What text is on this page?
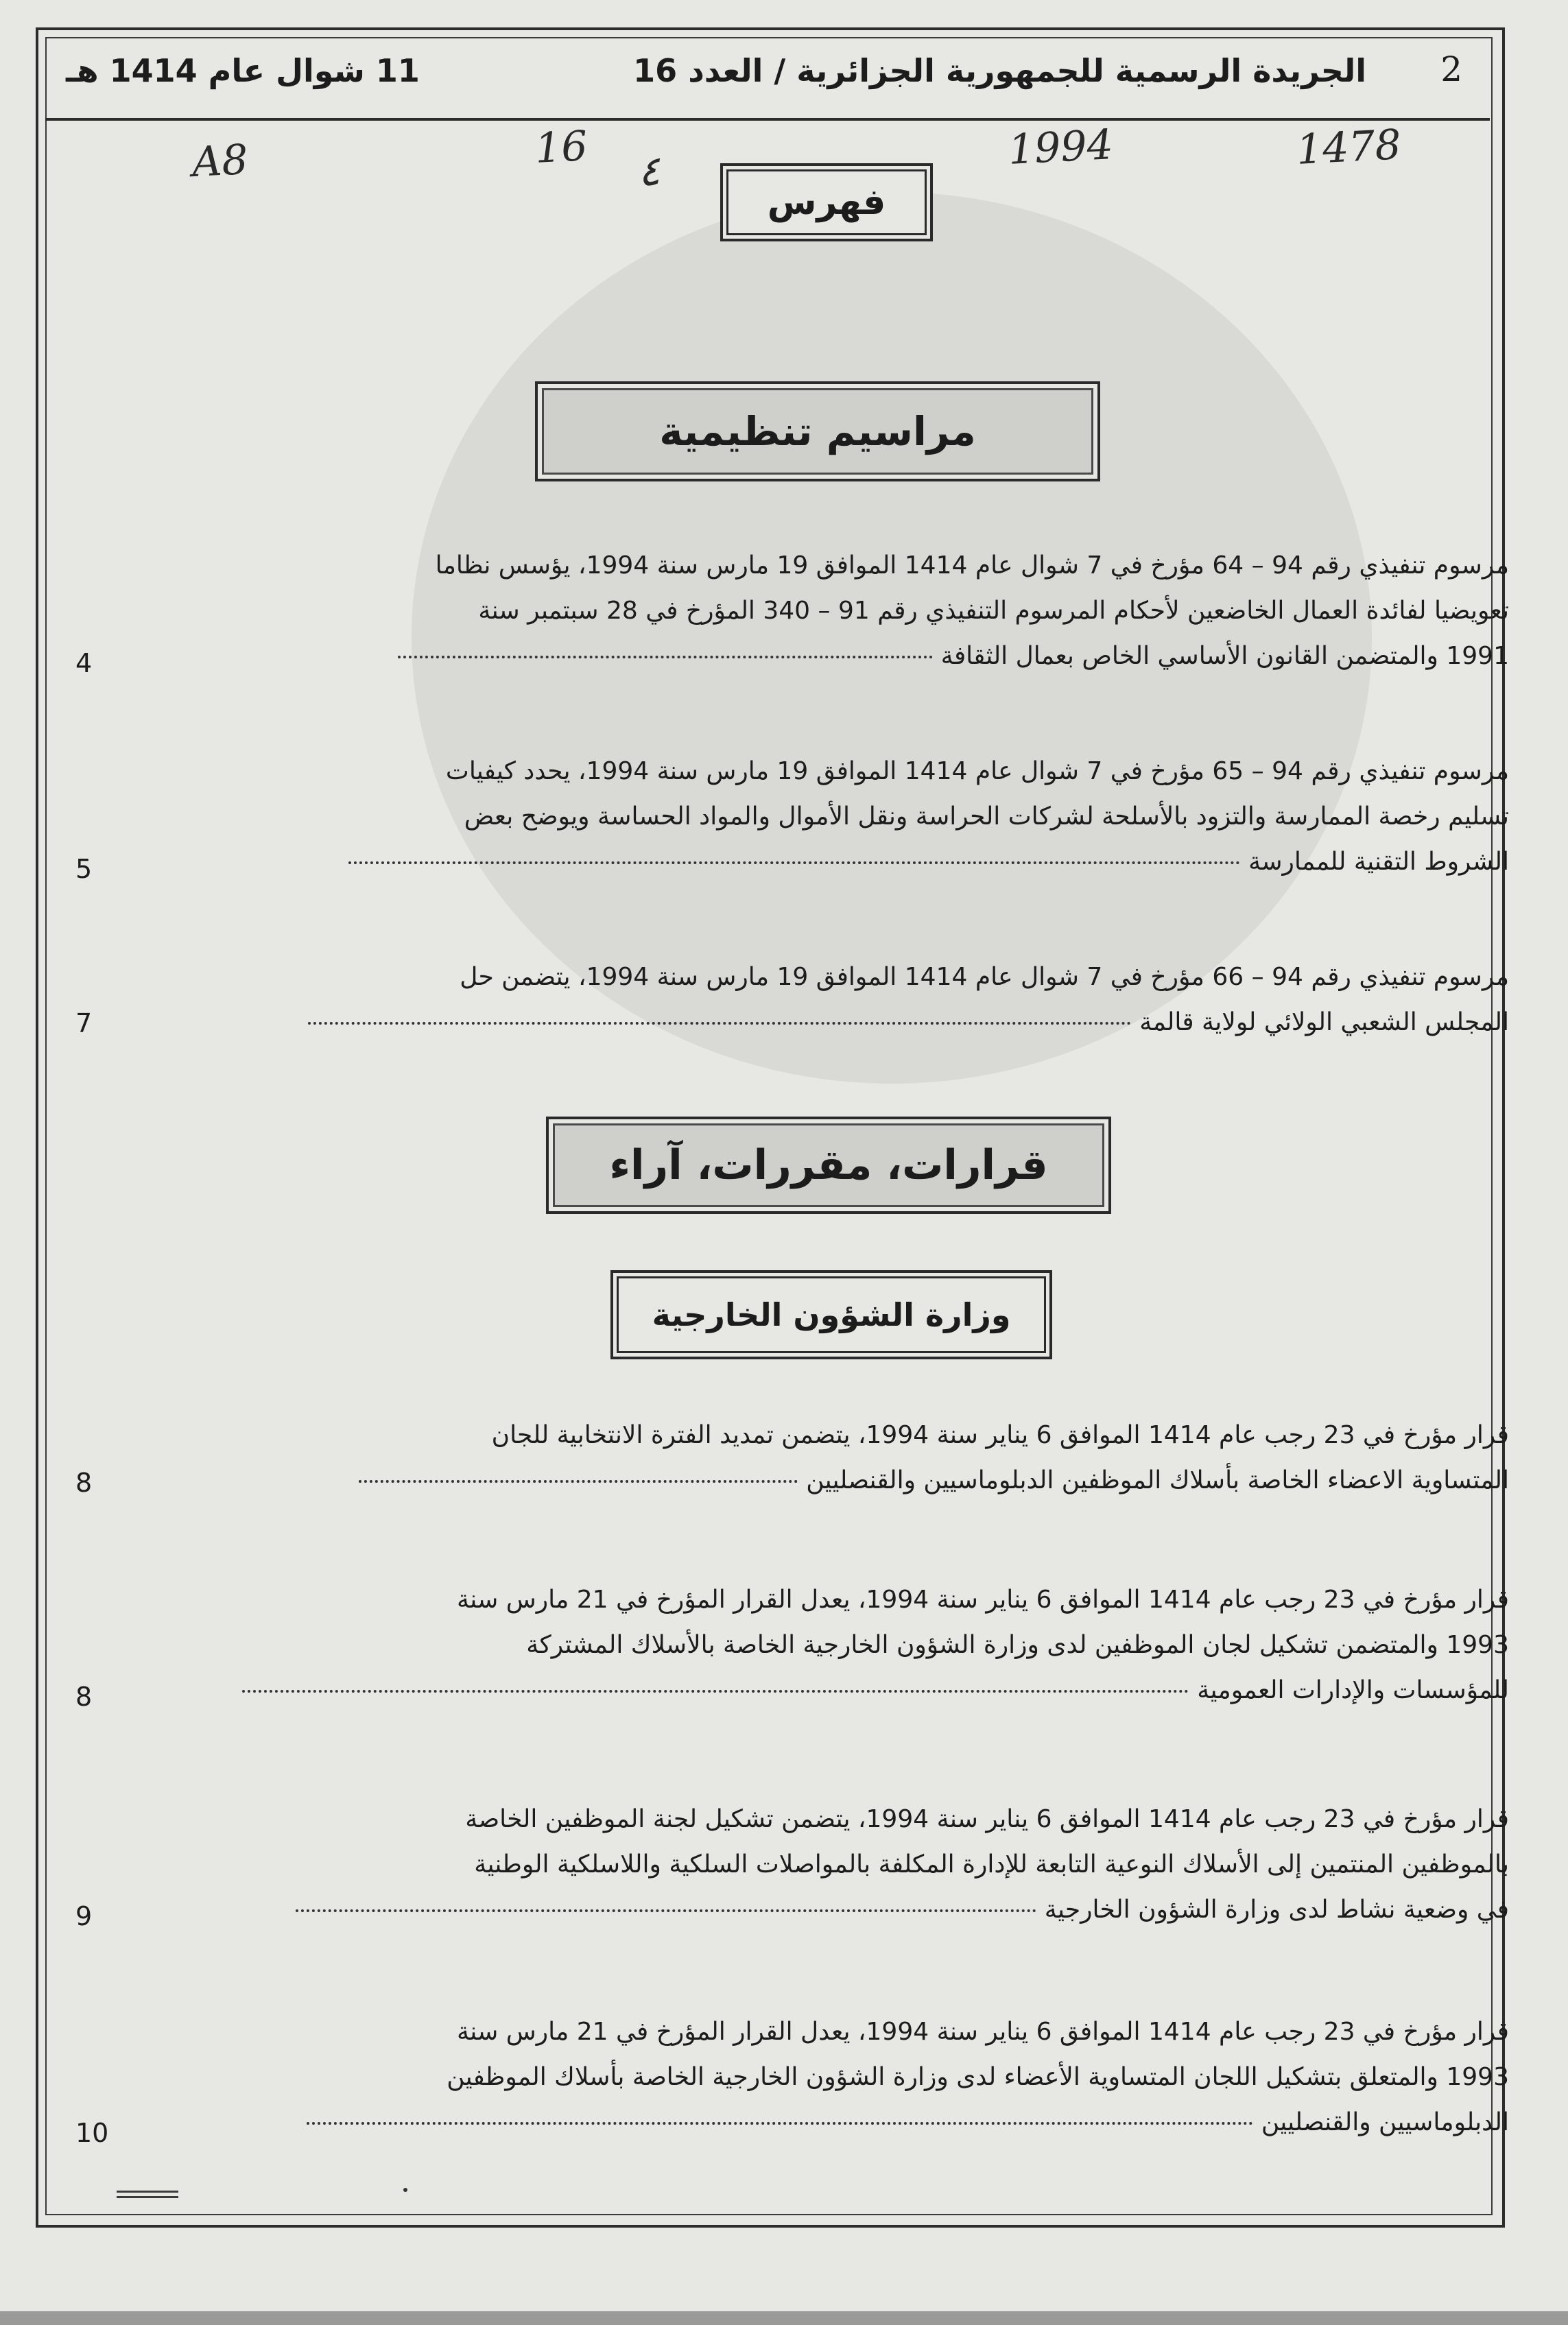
2
الجريدة الرسمية للجمهورية الجزائرية / العدد 16
11 شوال عام 1414 هـ
1478
1994
٤
16
A8
فهرس
مراسيم تنظيمية
مرسوم تنفيذي رقم 94 – 64 مؤرخ في 7 شوال عام 1414 الموافق 19 مارس سنة 1994، يؤسس نظاما
تعويضيا لفائدة العمال الخاضعين لأحكام المرسوم التنفيذي رقم 91 – 340 المؤرخ في 28 سبتمبر سنة
1991 والمتضمن القانون الأساسي الخاص بعمال الثقافة
4
مرسوم تنفيذي رقم 94 – 65 مؤرخ في 7 شوال عام 1414 الموافق 19 مارس سنة 1994، يحدد كيفيات
تسليم رخصة الممارسة والتزود بالأسلحة لشركات الحراسة ونقل الأموال والمواد الحساسة ويوضح بعض
الشروط التقنية للممارسة
5
مرسوم تنفيذي رقم 94 – 66 مؤرخ في 7 شوال عام 1414 الموافق 19 مارس سنة 1994، يتضمن حل
المجلس الشعبي الولائي لولاية قالمة
7
قرارات، مقررات، آراء
وزارة الشؤون الخارجية
قرار مؤرخ في 23 رجب عام 1414 الموافق 6 يناير سنة 1994، يتضمن تمديد الفترة الانتخابية للجان
المتساوية الاعضاء الخاصة بأسلاك الموظفين الدبلوماسيين والقنصليين
8
قرار مؤرخ في 23 رجب عام 1414 الموافق 6 يناير سنة 1994، يعدل القرار المؤرخ في 21 مارس سنة
1993 والمتضمن تشكيل لجان الموظفين لدى وزارة الشؤون الخارجية الخاصة بالأسلاك المشتركة
للمؤسسات والإدارات العمومية
8
قرار مؤرخ في 23 رجب عام 1414 الموافق 6 يناير سنة 1994، يتضمن تشكيل لجنة الموظفين الخاصة
بالموظفين المنتمين إلى الأسلاك النوعية التابعة للإدارة المكلفة بالمواصلات السلكية واللاسلكية الوطنية
في وضعية نشاط لدى وزارة الشؤون الخارجية
9
قرار مؤرخ في 23 رجب عام 1414 الموافق 6 يناير سنة 1994، يعدل القرار المؤرخ في 21 مارس سنة
1993 والمتعلق بتشكيل اللجان المتساوية الأعضاء لدى وزارة الشؤون الخارجية الخاصة بأسلاك الموظفين
الدبلوماسيين والقنصليين
10
